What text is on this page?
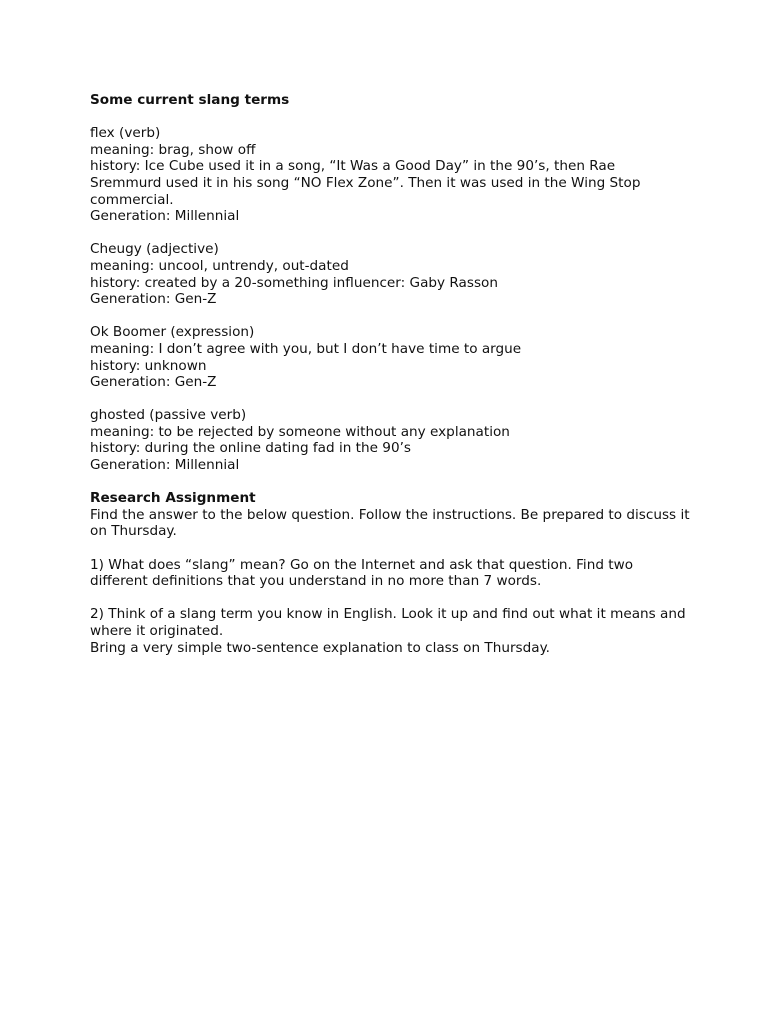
Some current slang terms
flex (verb)
meaning: brag, show off
history: Ice Cube used it in a song, “It Was a Good Day” in the 90’s, then Rae Sremmurd used it in his song “NO Flex Zone”. Then it was used in the Wing Stop commercial.
Generation: Millennial
Cheugy (adjective)
meaning: uncool, untrendy, out-dated
history: created by a 20-something influencer: Gaby Rasson
Generation: Gen-Z
Ok Boomer (expression)
meaning: I don’t agree with you, but I don’t have time to argue
history: unknown
Generation: Gen-Z
ghosted (passive verb)
meaning: to be rejected by someone without any explanation
history: during the online dating fad in the 90’s
Generation: Millennial
Research Assignment
Find the answer to the below question. Follow the instructions. Be prepared to discuss it on Thursday.
1) What does “slang” mean? Go on the Internet and ask that question. Find two different definitions that you understand in no more than 7 words.
2) Think of a slang term you know in English. Look it up and find out what it means and where it originated.
Bring a very simple two-sentence explanation to class on Thursday.
